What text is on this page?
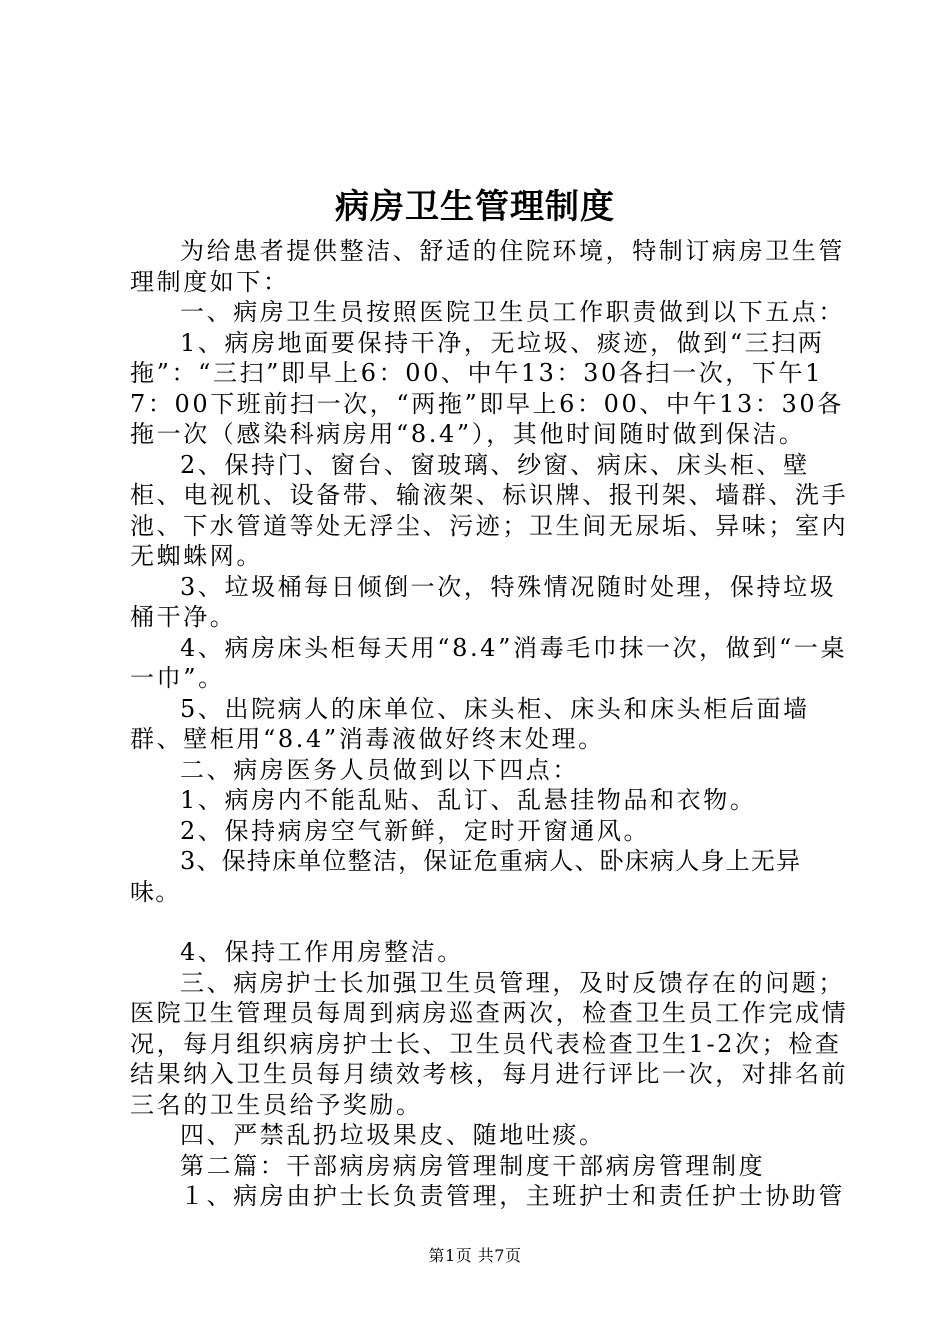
病房卫生管理制度

为给患者提供整洁、舒适的住院环境，特制订病房卫生管理制度如下：

一、病房卫生员按照医院卫生员工作职责做到以下五点：

1、病房地面要保持干净，无垃圾、痰迹，做到“三扫两拖”：“三扫”即早上6：00、中午13：30各扫一次，下午17：00下班前扫一次，“两拖”即早上6：00、中午13：30各拖一次（感染科病房用“8.4”），其他时间随时做到保洁。

2、保持门、窗台、窗玻璃、纱窗、病床、床头柜、壁柜、电视机、设备带、输液架、标识牌、报刊架、墙群、洗手池、下水管道等处无浮尘、污迹；卫生间无尿垢、异味；室内无蜘蛛网。

3、垃圾桶每日倾倒一次，特殊情况随时处理，保持垃圾桶干净。

4、病房床头柜每天用“8.4”消毒毛巾抹一次，做到“一桌一巾”。

5、出院病人的床单位、床头柜、床头和床头柜后面墙群、壁柜用“8.4”消毒液做好终末处理。

二、病房医务人员做到以下四点：

1、病房内不能乱贴、乱订、乱悬挂物品和衣物。

2、保持病房空气新鲜，定时开窗通风。

3、保持床单位整洁，保证危重病人、卧床病人身上无异味。

4、保持工作用房整洁。

三、病房护士长加强卫生员管理，及时反馈存在的问题；医院卫生管理员每周到病房巡查两次，检查卫生员工作完成情况，每月组织病房护士长、卫生员代表检查卫生1-2次；检查结果纳入卫生员每月绩效考核，每月进行评比一次，对排名前三名的卫生员给予奖励。

四、严禁乱扔垃圾果皮、随地吐痰。

第二篇：干部病房病房管理制度干部病房管理制度

１、病房由护士长负责管理，主班护士和责任护士协助管

第1页 共7页
